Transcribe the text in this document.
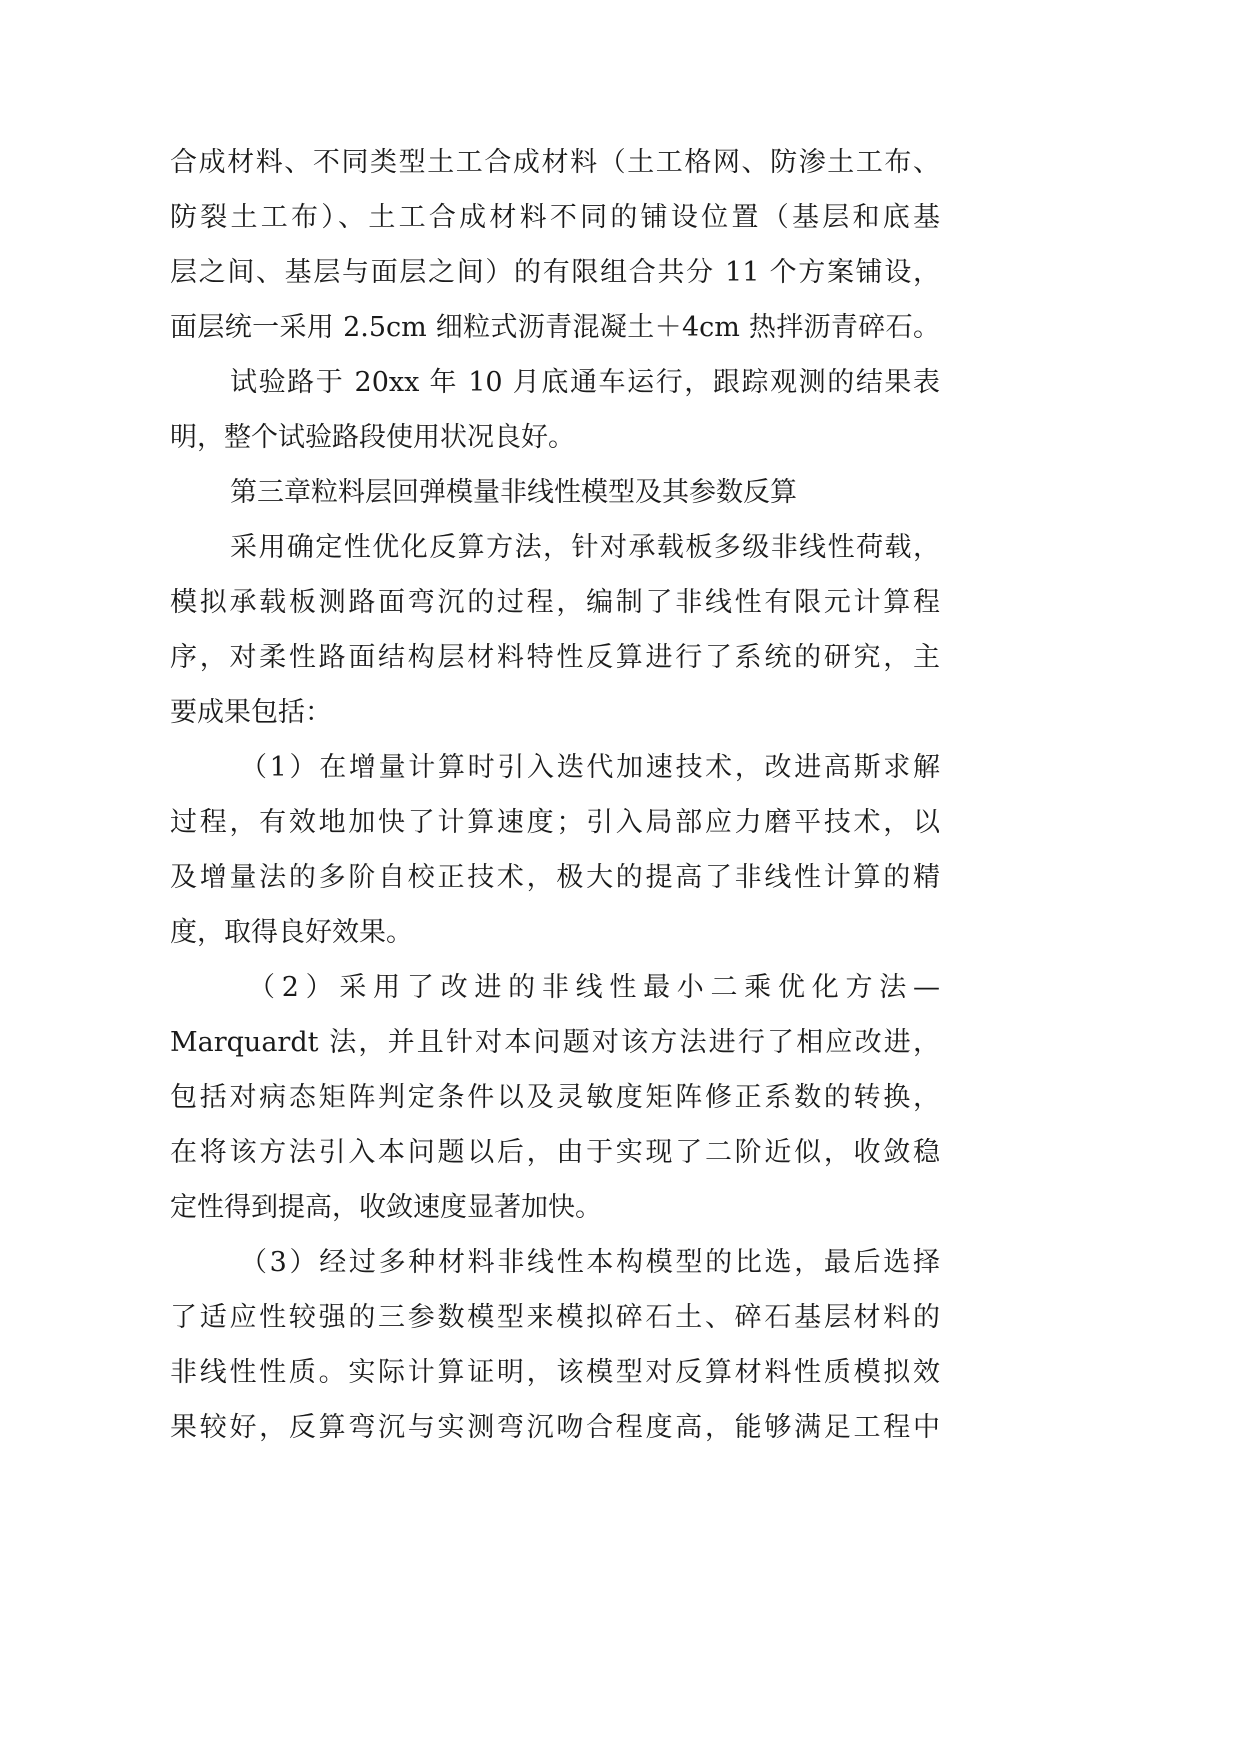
合成材料、不同类型土工合成材料（土工格网、防渗土工布、
防裂土工布）、土工合成材料不同的铺设位置（基层和底基
层之间、基层与面层之间）的有限组合共分 11 个方案铺设，
面层统一采用 2.5cm 细粒式沥青混凝土＋4cm 热拌沥青碎石。
试验路于 20xx 年 10 月底通车运行，跟踪观测的结果表
明，整个试验路段使用状况良好。
第三章粒料层回弹模量非线性模型及其参数反算
采用确定性优化反算方法，针对承载板多级非线性荷载，
模拟承载板测路面弯沉的过程，编制了非线性有限元计算程
序，对柔性路面结构层材料特性反算进行了系统的研究，主
要成果包括：
（1）在增量计算时引入迭代加速技术，改进高斯求解
过程，有效地加快了计算速度；引入局部应力磨平技术，以
及增量法的多阶自校正技术，极大的提高了非线性计算的精
度，取得良好效果。
（2）采用了改进的非线性最小二乘优化方法—
Marquardt 法，并且针对本问题对该方法进行了相应改进，
包括对病态矩阵判定条件以及灵敏度矩阵修正系数的转换，
在将该方法引入本问题以后，由于实现了二阶近似，收敛稳
定性得到提高，收敛速度显著加快。
（3）经过多种材料非线性本构模型的比选，最后选择
了适应性较强的三参数模型来模拟碎石土、碎石基层材料的
非线性性质。实际计算证明，该模型对反算材料性质模拟效
果较好，反算弯沉与实测弯沉吻合程度高，能够满足工程中
